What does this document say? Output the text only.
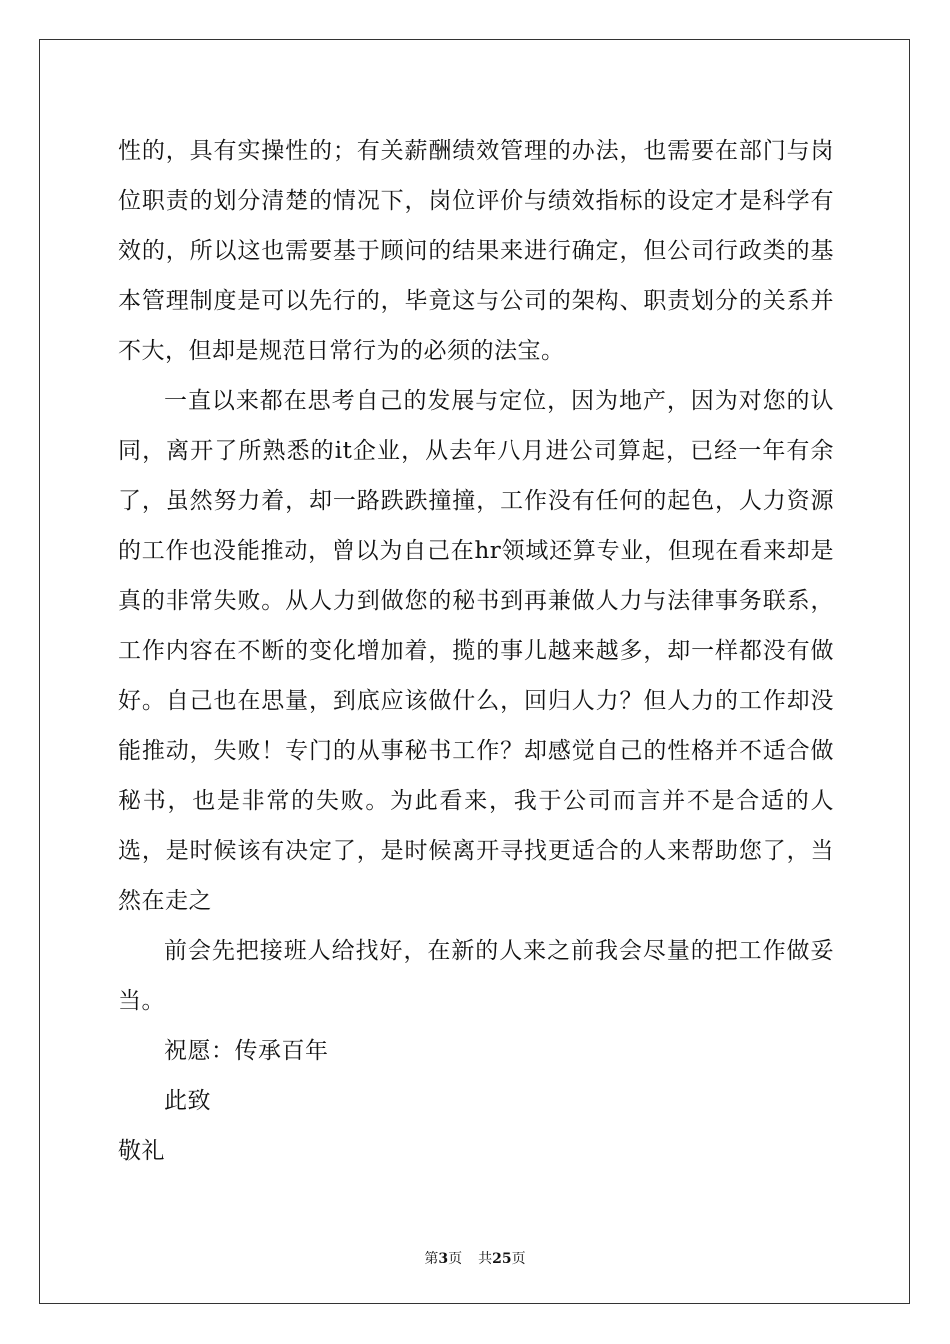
性的，具有实操性的；有关薪酬绩效管理的办法，也需要在部门与岗位职责的划分清楚的情况下，岗位评价与绩效指标的设定才是科学有效的，所以这也需要基于顾问的结果来进行确定，但公司行政类的基本管理制度是可以先行的，毕竟这与公司的架构、职责划分的关系并不大，但却是规范日常行为的必须的法宝。

一直以来都在思考自己的发展与定位，因为地产，因为对您的认同，离开了所熟悉的it企业，从去年八月进公司算起，已经一年有余了，虽然努力着，却一路跌跌撞撞，工作没有任何的起色，人力资源的工作也没能推动，曾以为自己在hr领域还算专业，但现在看来却是真的非常失败。从人力到做您的秘书到再兼做人力与法律事务联系，工作内容在不断的变化增加着，揽的事儿越来越多，却一样都没有做好。自己也在思量，到底应该做什么，回归人力？但人力的工作却没能推动，失败！专门的从事秘书工作？却感觉自己的性格并不适合做秘书，也是非常的失败。为此看来，我于公司而言并不是合适的人选，是时候该有决定了，是时候离开寻找更适合的人来帮助您了，当然在走之

前会先把接班人给找好，在新的人来之前我会尽量的把工作做妥当。

祝愿：传承百年

此致

敬礼

第3页 共25页
